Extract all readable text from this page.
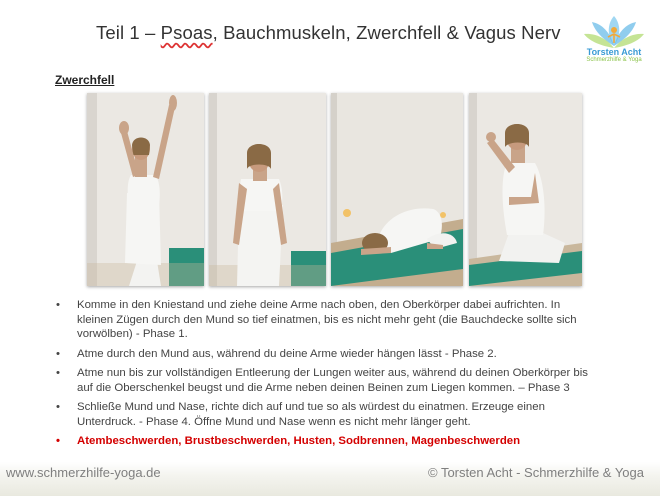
Teil 1 – Psoas, Bauchmuskeln, Zwerchfell & Vagus Nerv
Torsten Acht
Schmerzhilfe & Yoga
Zwerchfell
• Komme in den Kniestand und ziehe deine Arme nach oben, den Oberkörper dabei aufrichten. In kleinen Zügen durch den Mund so tief einatmen, bis es nicht mehr geht (die Bauchdecke sollte sich vorwölben) - Phase 1.
• Atme durch den Mund aus, während du deine Arme wieder hängen lässt - Phase 2.
• Atme nun bis zur vollständigen Entleerung der Lungen weiter aus, während du deinen Oberkörper bis auf die Oberschenkel beugst und die Arme neben deinen Beinen zum Liegen kommen. – Phase 3
• Schließe Mund und Nase, richte dich auf und tue so als würdest du einatmen. Erzeuge einen Unterdruck. - Phase 4. Öffne Mund und Nase wenn es nicht mehr länger geht.
• Atembeschwerden, Brustbeschwerden, Husten, Sodbrennen, Magenbeschwerden
www.schmerzhilfe-yoga.de	© Torsten Acht - Schmerzhilfe & Yoga
